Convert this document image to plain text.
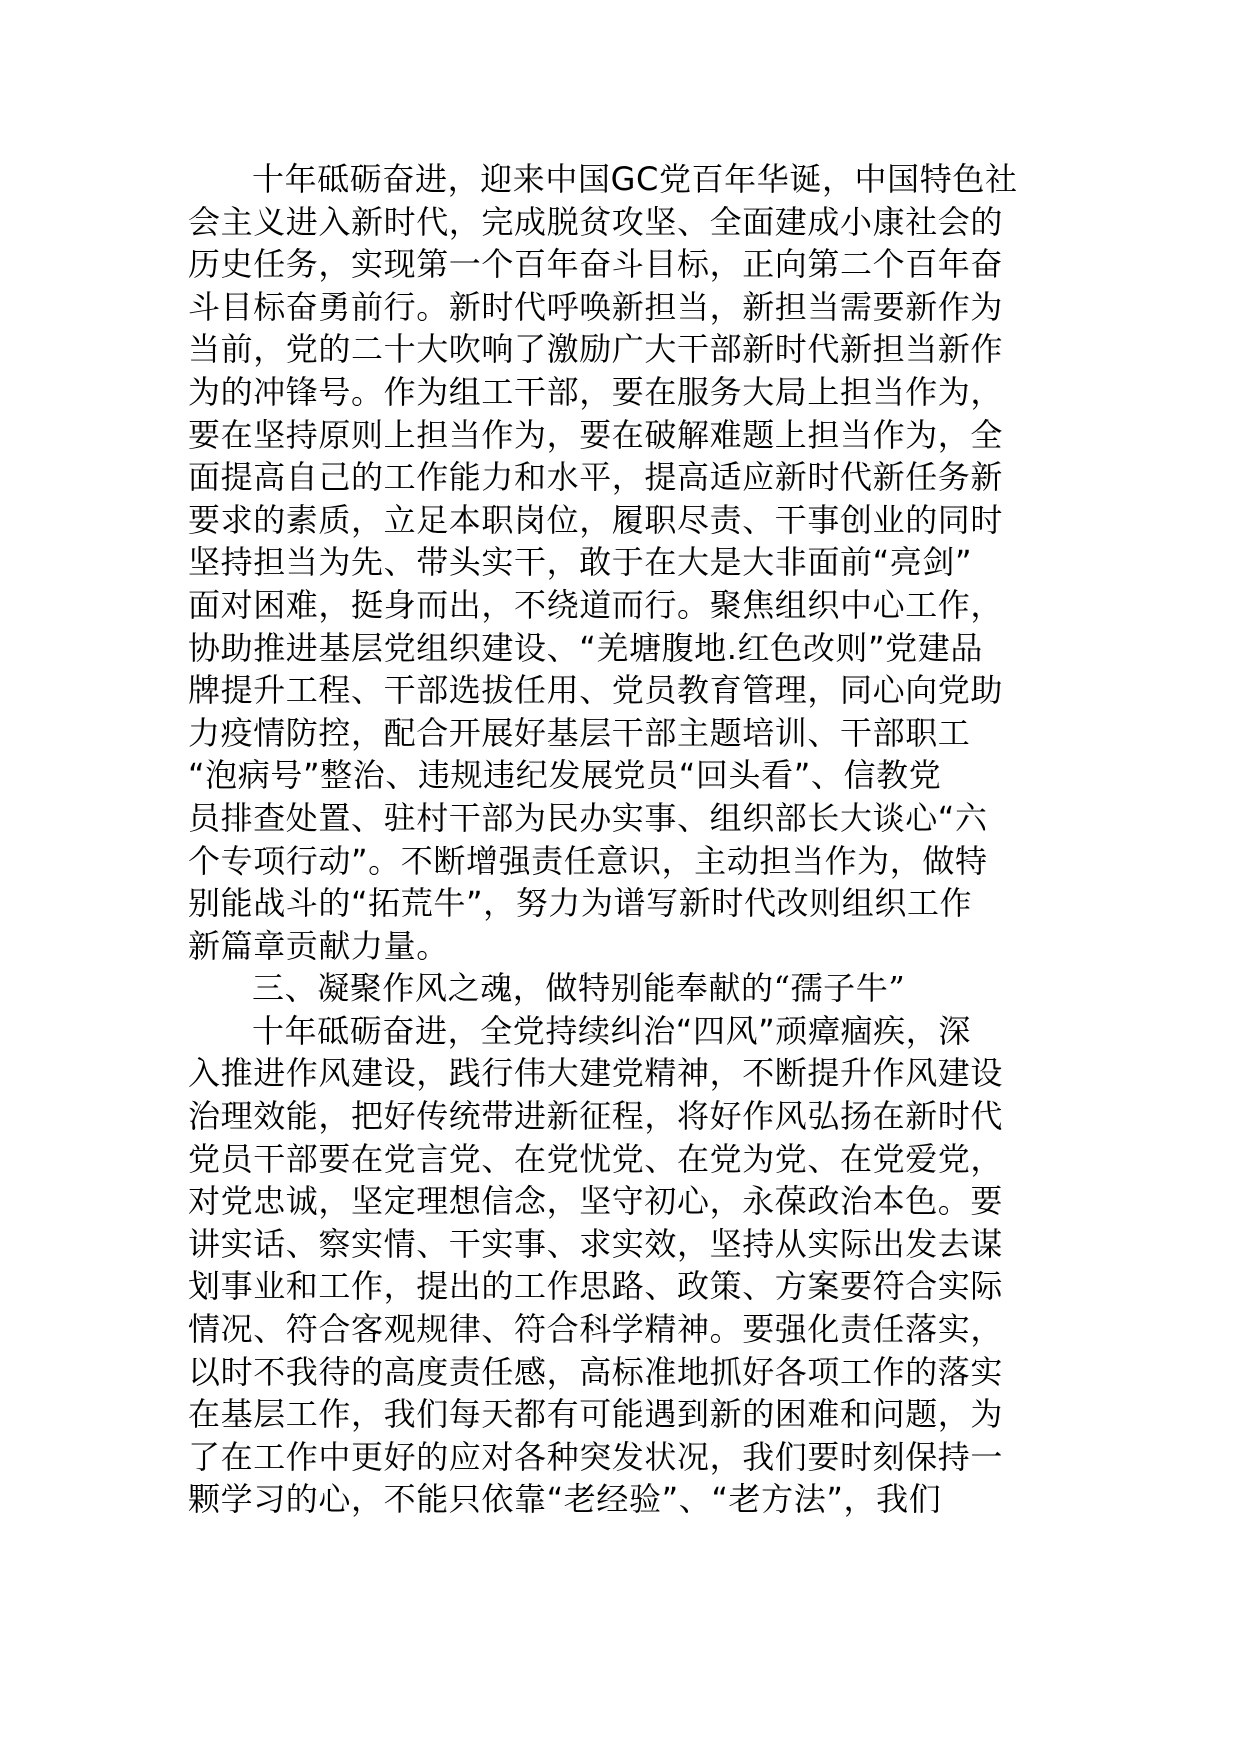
十年砥砺奋进，迎来中国GC党百年华诞，中国特色社
会主义进入新时代，完成脱贫攻坚、全面建成小康社会的
历史任务，实现第一个百年奋斗目标，正向第二个百年奋
斗目标奋勇前行。新时代呼唤新担当，新担当需要新作为
当前，党的二十大吹响了激励广大干部新时代新担当新作
为的冲锋号。作为组工干部，要在服务大局上担当作为，
要在坚持原则上担当作为，要在破解难题上担当作为，全
面提高自己的工作能力和水平，提高适应新时代新任务新
要求的素质，立足本职岗位，履职尽责、干事创业的同时
坚持担当为先、带头实干，敢于在大是大非面前“亮剑”
面对困难，挺身而出，不绕道而行。聚焦组织中心工作，
协助推进基层党组织建设、“羌塘腹地.红色改则”党建品
牌提升工程、干部选拔任用、党员教育管理，同心向党助
力疫情防控，配合开展好基层干部主题培训、干部职工
“泡病号”整治、违规违纪发展党员“回头看”、信教党
员排查处置、驻村干部为民办实事、组织部长大谈心“六
个专项行动”。不断增强责任意识，主动担当作为，做特
别能战斗的“拓荒牛”，努力为谱写新时代改则组织工作
新篇章贡献力量。
三、凝聚作风之魂，做特别能奉献的“孺子牛”
十年砥砺奋进，全党持续纠治“四风”顽瘴痼疾，深
入推进作风建设，践行伟大建党精神，不断提升作风建设
治理效能，把好传统带进新征程，将好作风弘扬在新时代
党员干部要在党言党、在党忧党、在党为党、在党爱党，
对党忠诚，坚定理想信念，坚守初心，永葆政治本色。要
讲实话、察实情、干实事、求实效，坚持从实际出发去谋
划事业和工作，提出的工作思路、政策、方案要符合实际
情况、符合客观规律、符合科学精神。要强化责任落实，
以时不我待的高度责任感，高标准地抓好各项工作的落实
在基层工作，我们每天都有可能遇到新的困难和问题，为
了在工作中更好的应对各种突发状况，我们要时刻保持一
颗学习的心，不能只依靠“老经验”、“老方法”，我们
